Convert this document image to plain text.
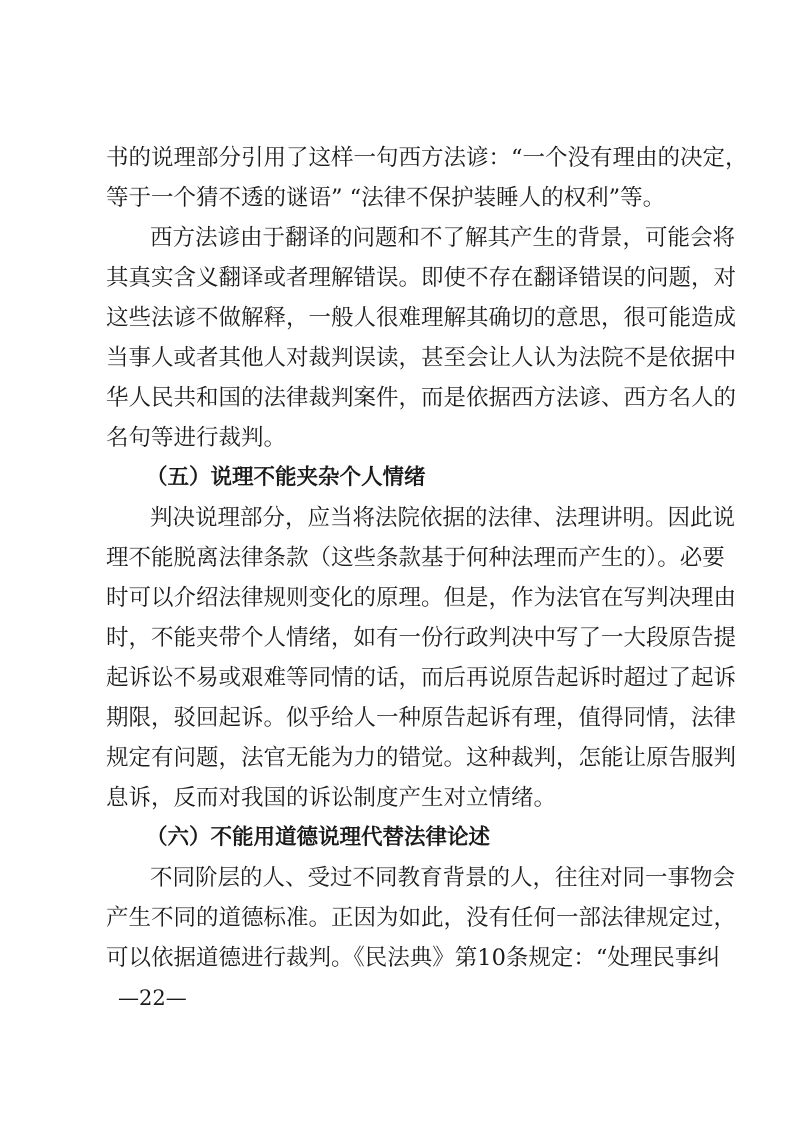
书的说理部分引用了这样一句西方法谚：“一个没有理由的决定，
等于一个猜不透的谜语” “法律不保护装睡人的权利”等。
西方法谚由于翻译的问题和不了解其产生的背景，可能会将
其真实含义翻译或者理解错误。即使不存在翻译错误的问题，对
这些法谚不做解释，一般人很难理解其确切的意思，很可能造成
当事人或者其他人对裁判误读，甚至会让人认为法院不是依据中
华人民共和国的法律裁判案件，而是依据西方法谚、西方名人的
名句等进行裁判。
（五）说理不能夹杂个人情绪
判决说理部分，应当将法院依据的法律、法理讲明。因此说
理不能脱离法律条款（这些条款基于何种法理而产生的）。必要
时可以介绍法律规则变化的原理。但是，作为法官在写判决理由
时，不能夹带个人情绪，如有一份行政判决中写了一大段原告提
起诉讼不易或艰难等同情的话，而后再说原告起诉时超过了起诉
期限，驳回起诉。似乎给人一种原告起诉有理，值得同情，法律
规定有问题，法官无能为力的错觉。这种裁判，怎能让原告服判
息诉，反而对我国的诉讼制度产生对立情绪。
（六）不能用道德说理代替法律论述
不同阶层的人、受过不同教育背景的人，往往对同一事物会
产生不同的道德标准。正因为如此，没有任何一部法律规定过，
可以依据道德进行裁判。《民法典》第10条规定：“处理民事纠
—22—
